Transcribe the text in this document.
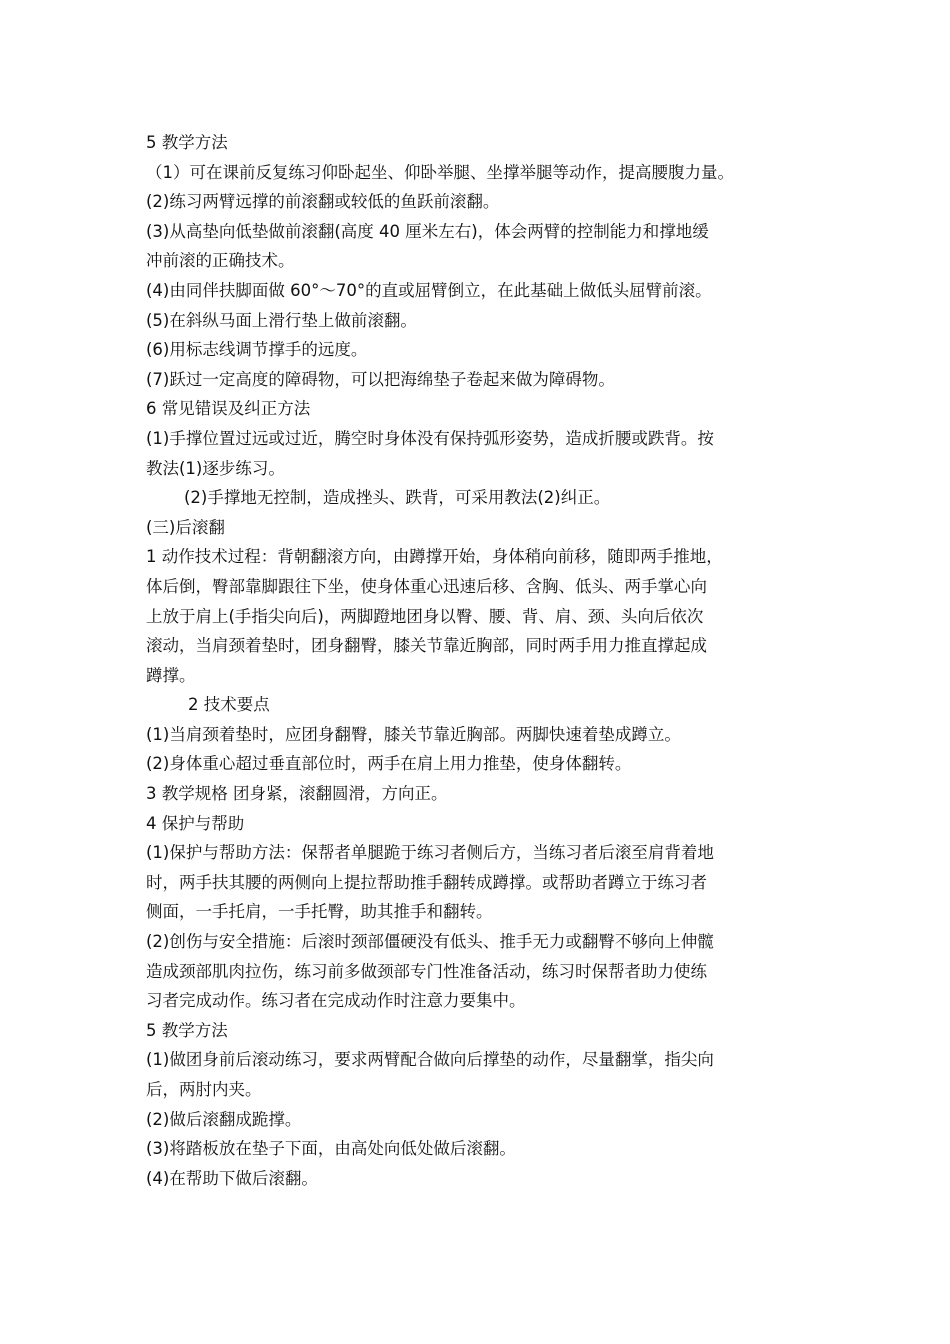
5 教学方法

（1）可在课前反复练习仰卧起坐、仰卧举腿、坐撑举腿等动作，提高腰腹力量。

(2)练习两臂远撑的前滚翻或较低的鱼跃前滚翻。

(3)从高垫向低垫做前滚翻(高度 40 厘米左右)，体会两臂的控制能力和撑地缓

冲前滚的正确技术。

(4)由同伴扶脚面做 60°～70°的直或屈臂倒立，在此基础上做低头屈臂前滚。

(5)在斜纵马面上滑行垫上做前滚翻。

(6)用标志线调节撑手的远度。

(7)跃过一定高度的障碍物，可以把海绵垫子卷起来做为障碍物。

6 常见错误及纠正方法

(1)手撑位置过远或过近，腾空时身体没有保持弧形姿势，造成折腰或跌背。按

教法(1)逐步练习。

(2)手撑地无控制，造成挫头、跌背，可采用教法(2)纠正。

(三)后滚翻

1 动作技术过程：背朝翻滚方向，由蹲撑开始，身体稍向前移，随即两手推地，

体后倒，臀部靠脚跟往下坐，使身体重心迅速后移、含胸、低头、两手掌心向

上放于肩上(手指尖向后)，两脚蹬地团身以臀、腰、背、肩、颈、头向后依次

滚动，当肩颈着垫时，团身翻臀，膝关节靠近胸部，同时两手用力推直撑起成

蹲撑。

2 技术要点

(1)当肩颈着垫时，应团身翻臀，膝关节靠近胸部。两脚快速着垫成蹲立。

(2)身体重心超过垂直部位时，两手在肩上用力推垫，使身体翻转。

3 教学规格 团身紧，滚翻圆滑，方向正。

4 保护与帮助

(1)保护与帮助方法：保帮者单腿跪于练习者侧后方，当练习者后滚至肩背着地

时，两手扶其腰的两侧向上提拉帮助推手翻转成蹲撑。或帮助者蹲立于练习者

侧面，一手托肩，一手托臀，助其推手和翻转。

(2)创伤与安全措施：后滚时颈部僵硬没有低头、推手无力或翻臀不够向上伸髋

造成颈部肌肉拉伤，练习前多做颈部专门性准备活动，练习时保帮者助力使练

习者完成动作。练习者在完成动作时注意力要集中。

5 教学方法

(1)做团身前后滚动练习，要求两臂配合做向后撑垫的动作，尽量翻掌，指尖向

后，两肘内夹。

(2)做后滚翻成跪撑。

(3)将踏板放在垫子下面，由高处向低处做后滚翻。

(4)在帮助下做后滚翻。
